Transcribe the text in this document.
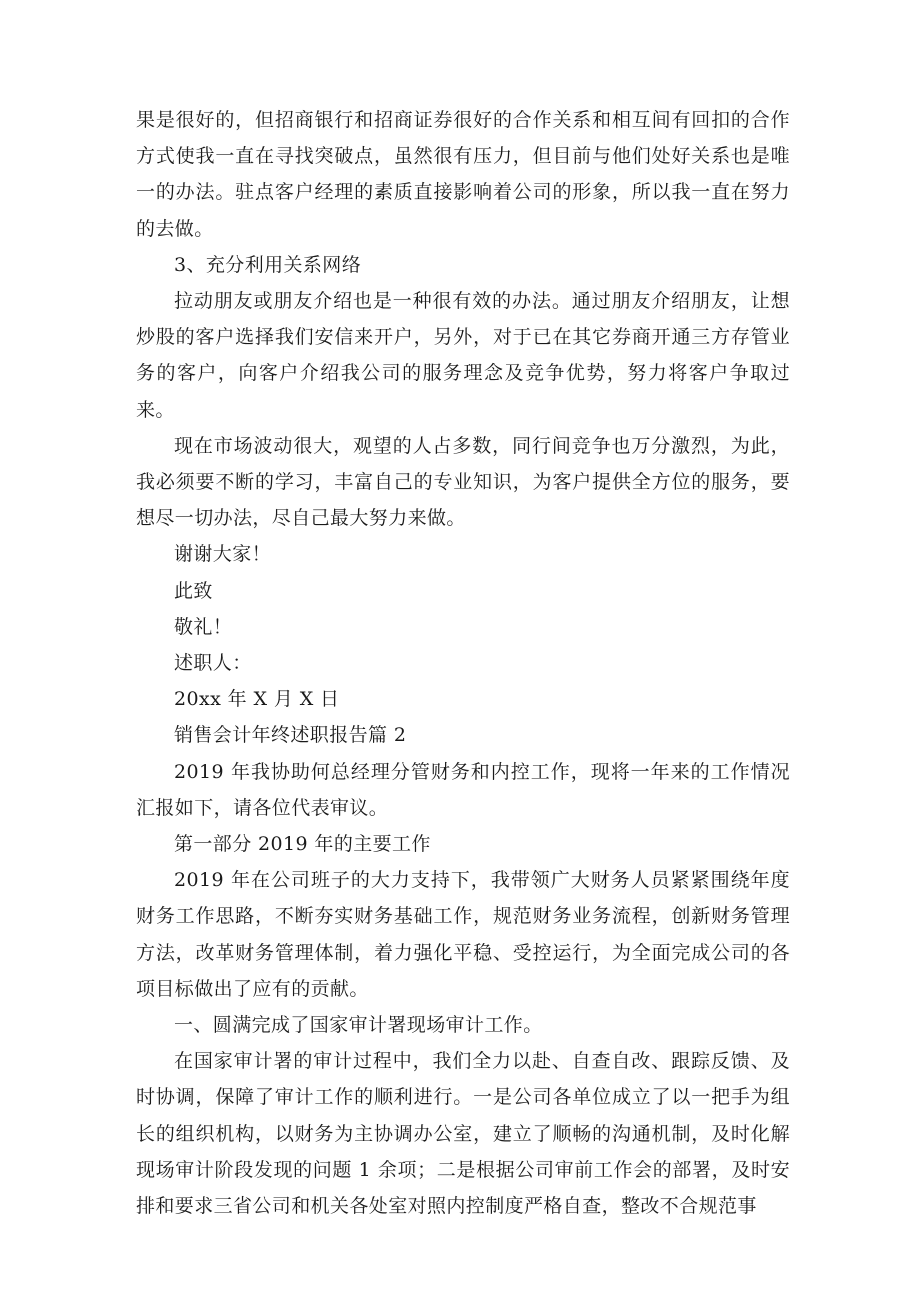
果是很好的，但招商银行和招商证券很好的合作关系和相互间有回扣的合作方式使我一直在寻找突破点，虽然很有压力，但目前与他们处好关系也是唯一的办法。驻点客户经理的素质直接影响着公司的形象，所以我一直在努力的去做。

3、充分利用关系网络

拉动朋友或朋友介绍也是一种很有效的办法。通过朋友介绍朋友，让想炒股的客户选择我们安信来开户，另外，对于已在其它券商开通三方存管业务的客户，向客户介绍我公司的服务理念及竞争优势，努力将客户争取过来。

现在市场波动很大，观望的人占多数，同行间竞争也万分激烈，为此，我必须要不断的学习，丰富自己的专业知识，为客户提供全方位的服务，要想尽一切办法，尽自己最大努力来做。

谢谢大家！

此致

敬礼！

述职人：

20xx 年 X 月 X 日

销售会计年终述职报告篇 2

2019 年我协助何总经理分管财务和内控工作，现将一年来的工作情况汇报如下，请各位代表审议。

第一部分 2019 年的主要工作

2019 年在公司班子的大力支持下，我带领广大财务人员紧紧围绕年度财务工作思路，不断夯实财务基础工作，规范财务业务流程，创新财务管理方法，改革财务管理体制，着力强化平稳、受控运行，为全面完成公司的各项目标做出了应有的贡献。

一、圆满完成了国家审计署现场审计工作。

在国家审计署的审计过程中，我们全力以赴、自查自改、跟踪反馈、及时协调，保障了审计工作的顺利进行。一是公司各单位成立了以一把手为组长的组织机构，以财务为主协调办公室，建立了顺畅的沟通机制，及时化解现场审计阶段发现的问题 1 余项；二是根据公司审前工作会的部署，及时安排和要求三省公司和机关各处室对照内控制度严格自查，整改不合规范事
